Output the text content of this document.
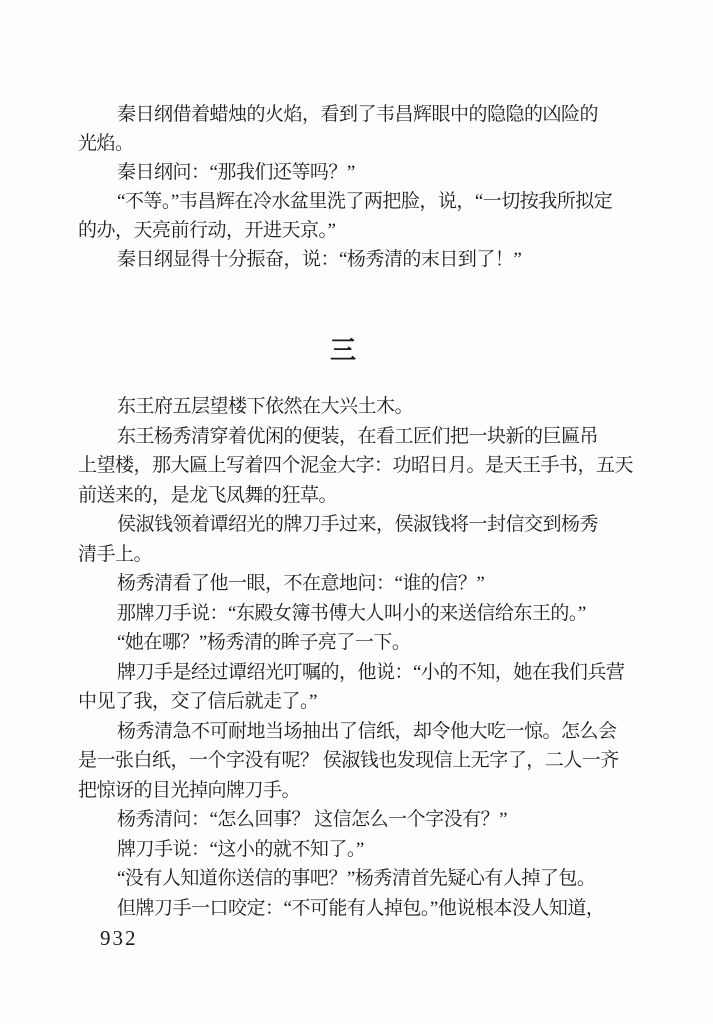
秦日纲借着蜡烛的火焰，看到了韦昌辉眼中的隐隐的凶险的
光焰。
秦日纲问：“那我们还等吗？”
“不等。”韦昌辉在冷水盆里洗了两把脸，说，“一切按我所拟定
的办，天亮前行动，开进天京。”
秦日纲显得十分振奋，说：“杨秀清的末日到了！”
三
东王府五层望楼下依然在大兴土木。
东王杨秀清穿着优闲的便装，在看工匠们把一块新的巨匾吊
上望楼，那大匾上写着四个泥金大字：功昭日月。是天王手书，五天
前送来的，是龙飞凤舞的狂草。
侯淑钱领着谭绍光的牌刀手过来，侯淑钱将一封信交到杨秀
清手上。
杨秀清看了他一眼，不在意地问：“谁的信？”
那牌刀手说：“东殿女簿书傅大人叫小的来送信给东王的。”
“她在哪？”杨秀清的眸子亮了一下。
牌刀手是经过谭绍光叮嘱的，他说：“小的不知，她在我们兵营
中见了我，交了信后就走了。”
杨秀清急不可耐地当场抽出了信纸，却令他大吃一惊。怎么会
是一张白纸，一个字没有呢？ 侯淑钱也发现信上无字了，二人一齐
把惊讶的目光掉向牌刀手。
杨秀清问：“怎么回事？ 这信怎么一个字没有？”
牌刀手说：“这小的就不知了。”
“没有人知道你送信的事吧？”杨秀清首先疑心有人掉了包。
但牌刀手一口咬定：“不可能有人掉包。”他说根本没人知道，
932
